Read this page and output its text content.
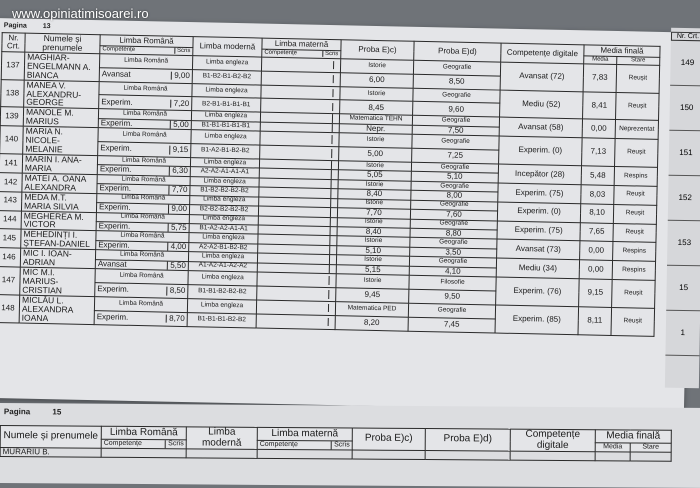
www.opiniatimisoarei.ro
Pagina 13
Nr. Crt.	Numele și prenumele	Limba Română	Limba modernă	Limba maternă	Proba E)c)	Proba E)d)	Competențe digitale	Media finală	

		Competențe Scris		Competențe Scris				Media	Stare
137	MAGHIAR-ENGELMANN A. BIANCA	Limba Română	Limba engleza		Istorie	Geografie	Avansat (72)	7,83	Reușit

		Avansat 9,00	B1-B2-B1-B2-B2		6,00	8,50			
138	MANEA V. ALEXANDRU-GEORGE	Limba Română	Limba engleza		Istorie	Geografie	Mediu (52)	8,41	Reușit

		Experim. 7,20	B2-B1-B1-B1-B1		8,45	9,60			
139	MANOLE M. MARIUS	Limba Română	Limba engleza		Matematica TEHN	Geografie	Avansat (58)	0,00	Neprezentat

		Experim. 5,00	B1-B1-B1-B1-B1		Nepr.	7,50			
140	MARIA N. NICOLE-MELANIE	Limba Română	Limba engleza		Istorie	Geografie	Experim. (0)	7,13	Reușit

		Experim. 9,15	B1-A2-B1-B2-B2		5,00	7,25			
141	MARIN I. ANA-MARIA	Limba Română	Limba engleza		Istorie	Geografie	Incepător (28)	5,48	Respins

		Experim. 6,30	A2-A2-A1-A1-A1		5,05	5,10			
142	MATEI A. OANA ALEXANDRA	Limba Română	Limba engleza		Istorie	Geografie	Experim. (75)	8,03	Reușit

		Experim. 7,70	B1-B2-B2-B2-B2		8,40	8,00			
143	MEDA M.T. MARIA SILVIA	Limba Română	Limba engleza		Istorie	Geografie	Experim. (0)	8,10	Reușit

		Experim. 9,00	B2-B2-B2-B2-B2		7,70	7,60			
144	MEGHEREA M. VICTOR	Limba Română	Limba engleza		Istorie	Geografie	Experim. (75)	7,65	Reușit

		Experim. 5,75	B1-A2-A2-A1-A1		8,40	8,80			
145	MEHEDINȚI I. ȘTEFAN-DANIEL	Limba Română	Limba engleza		Istorie	Geografie	Avansat (73)	0,00	Respins

		Experim. 4,00	A2-A2-B1-B2-B2		5,10	3,50			
146	MIC I. IOAN-ADRIAN	Limba Română	Limba engleza		Istorie	Geografie	Mediu (34)	0,00	Respins

		Avansat 5,50	A1-A2-A1-A2-A2		5,15	4,10			
147	MIC M.I. MARIUS-CRISTIAN	Limba Română	Limba engleza		Istorie	Filosofie	Experim. (76)	9,15	Reușit

		Experim. 8,50	B1-B1-B2-B2-B2		9,45	9,50			
148	MICLĂU L. ALEXANDRA IOANA	Limba Română	Limba engleza		Matematica PED	Geografie	Experim. (85)	8,11	Reușit

		Experim. 8,70	B1-B1-B1-B2-B2		8,20	7,45			
Nr. Crt.
149
150
151
152
153
15
1
Pagina	15
Numele și prenumele	Limba Română	Limba modernă	Limba maternă	Proba E)c)	Proba E)d)	Competențe digitale	Media finală	

	Competențe Scris		Competențe Scris				Media	Stare
MURARIU B.								
